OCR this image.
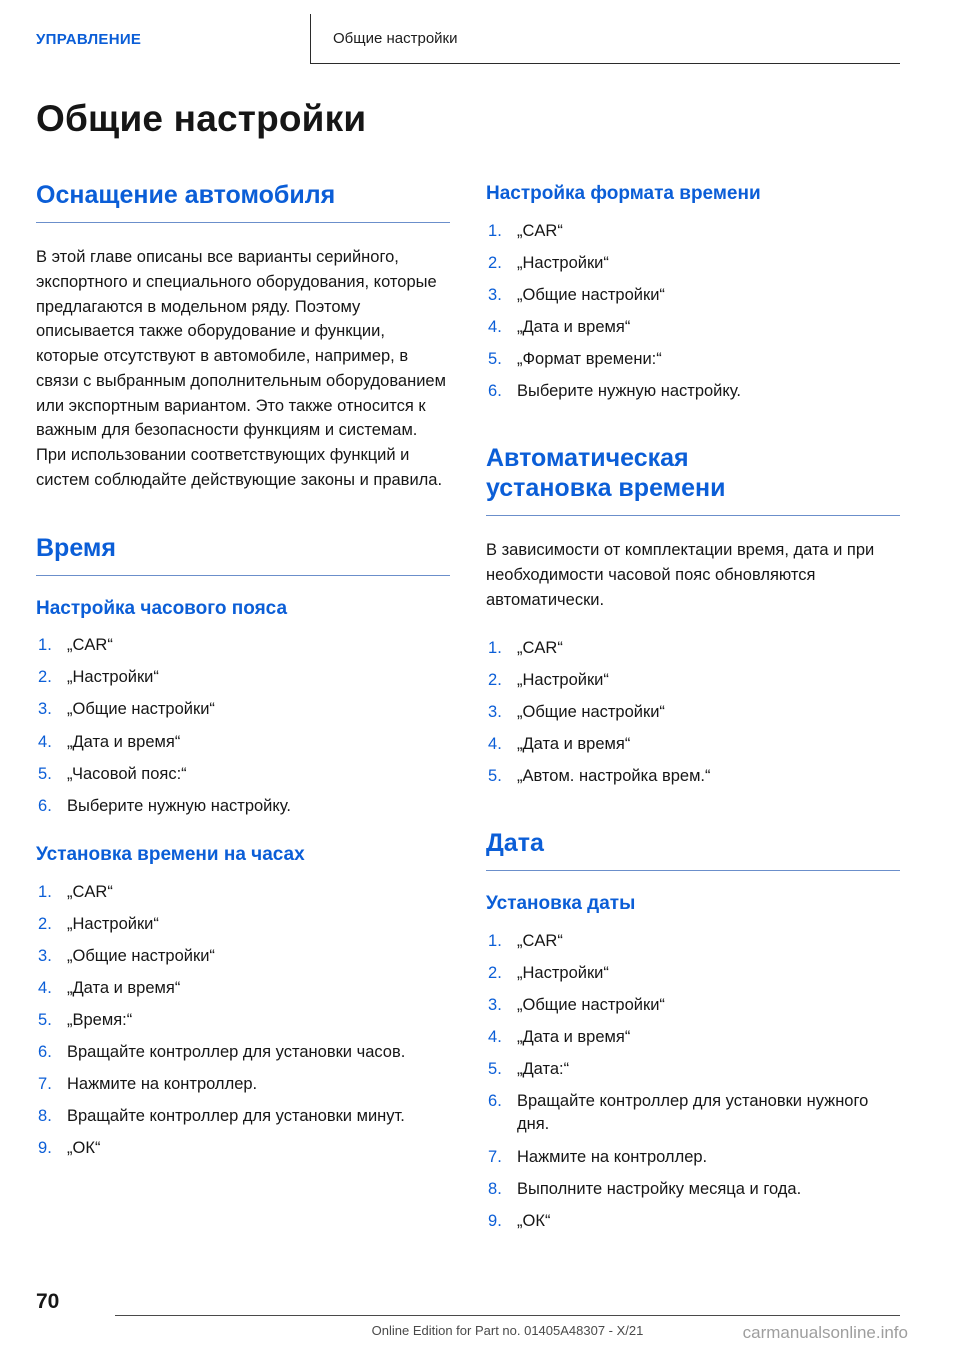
УПРАВЛЕНИЕ	Общие настройки
Общие настройки
Оснащение автомобиля

В этой главе описаны все варианты серийного, экспортного и специального оборудования, которые предлагаются в модельном ряду. Поэтому описывается также оборудование и функции, которые отсутствуют в автомобиле, например, в связи с выбранным дополнительным оборудованием или экспортным вариантом. Это также относится к важным для безопасности функциям и системам. При использовании соответствующих функций и систем соблюдайте действующие законы и правила.

Время
Настройка часового пояса
„CAR“
„Настройки“
„Общие настройки“
„Дата и время“
„Часовой пояс:“
Выберите нужную настройку.
Установка времени на часах
„CAR“
„Настройки“
„Общие настройки“
„Дата и время“
„Время:“
Вращайте контроллер для установки часов.
Нажмите на контроллер.
Вращайте контроллер для установки минут.
„ОК“
Настройка формата времени
„CAR“
„Настройки“
„Общие настройки“
„Дата и время“
„Формат времени:“
Выберите нужную настройку.
Автоматическая установка времени

В зависимости от комплектации время, дата и при необходимости часовой пояс обновляются автоматически.

„CAR“
„Настройки“
„Общие настройки“
„Дата и время“
„Автом. настройка врем.“
Дата
Установка даты
„CAR“
„Настройки“
„Общие настройки“
„Дата и время“
„Дата:“
Вращайте контроллер для установки нужного дня.
Нажмите на контроллер.
Выполните настройку месяца и года.
„ОК“
70
Online Edition for Part no. 01405A48307 - X/21	carmanualsonline.info
